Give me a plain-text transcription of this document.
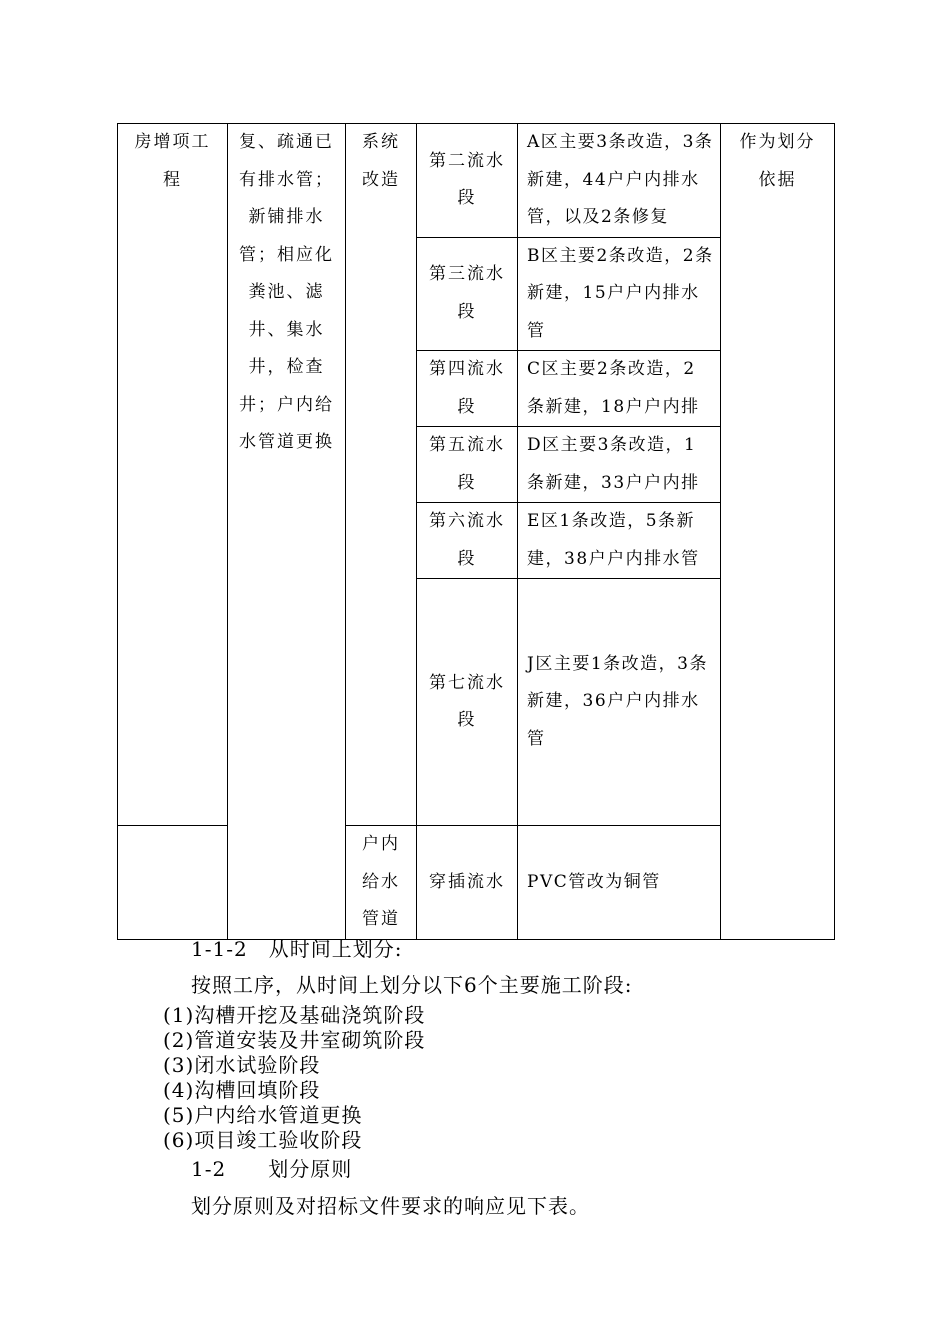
房增项工程	复、疏通已有排水管；新铺排水管；相应化粪池、滤井、集水井，检查井；户内给水管道更换	系统改造	第二流水段	A区主要3条改造，3条新建，44户户内排水管，以及2条修复	作为划分依据
			第三流水段	B区主要2条改造，2条新建，15户户内排水管	
			第四流水段	C区主要2条改造，2条新建，18户户内排	
			第五流水段	D区主要3条改造，1条新建，33户户内排	
			第六流水段	E区1条改造，5条新建，38户户内排水管	
			第七流水段	J区主要1条改造，3条新建，36户户内排水管	
		户内给水管道	穿插流水	PVC管改为铜管	
1-1-2　从时间上划分:
按照工序，从时间上划分以下6个主要施工阶段:
(1)沟槽开挖及基础浇筑阶段
(2)管道安装及井室砌筑阶段
(3)闭水试验阶段
(4)沟槽回填阶段
(5)户内给水管道更换
(6)项目竣工验收阶段
1-2　　划分原则
划分原则及对招标文件要求的响应见下表。
